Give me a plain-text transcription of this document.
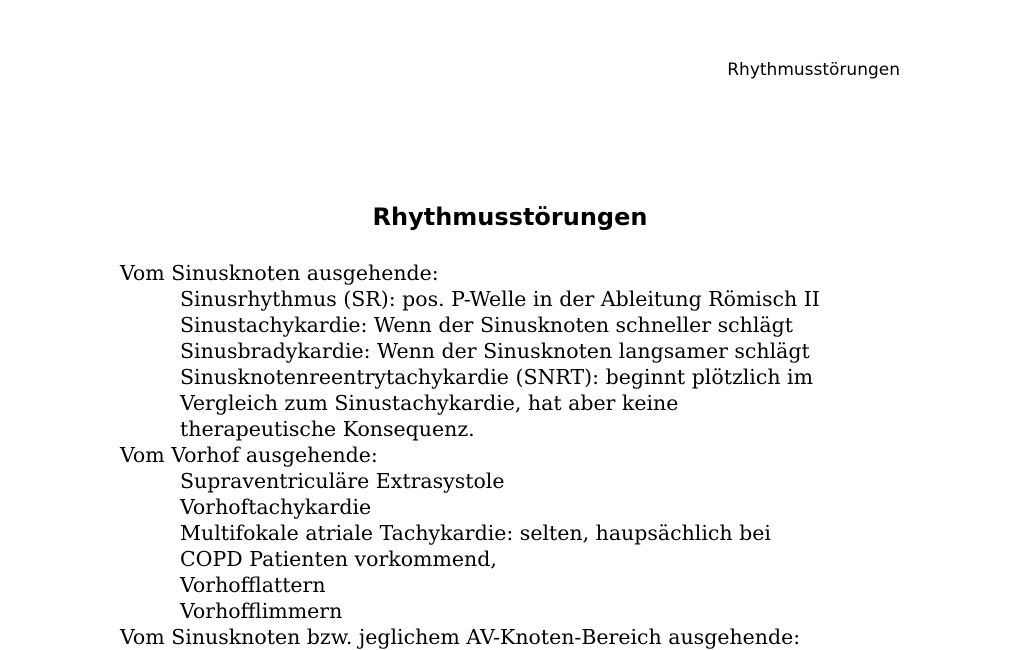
Rhythmusstörungen
Rhythmusstörungen
Vom Sinusknoten ausgehende:
Sinusrhythmus (SR): pos. P-Welle in der Ableitung Römisch II
Sinustachykardie: Wenn der Sinusknoten schneller schlägt
Sinusbradykardie: Wenn der Sinusknoten langsamer schlägt
Sinusknotenreentrytachykardie (SNRT): beginnt plötzlich im
Vergleich zum Sinustachykardie, hat aber keine
therapeutische Konsequenz.
Vom Vorhof ausgehende:
Supraventriculäre Extrasystole
Vorhoftachykardie
Multifokale atriale Tachykardie: selten, haupsächlich bei
COPD Patienten vorkommend,
Vorhofflattern
Vorhofflimmern
Vom Sinusknoten bzw. jeglichem AV-Knoten-Bereich ausgehende:
